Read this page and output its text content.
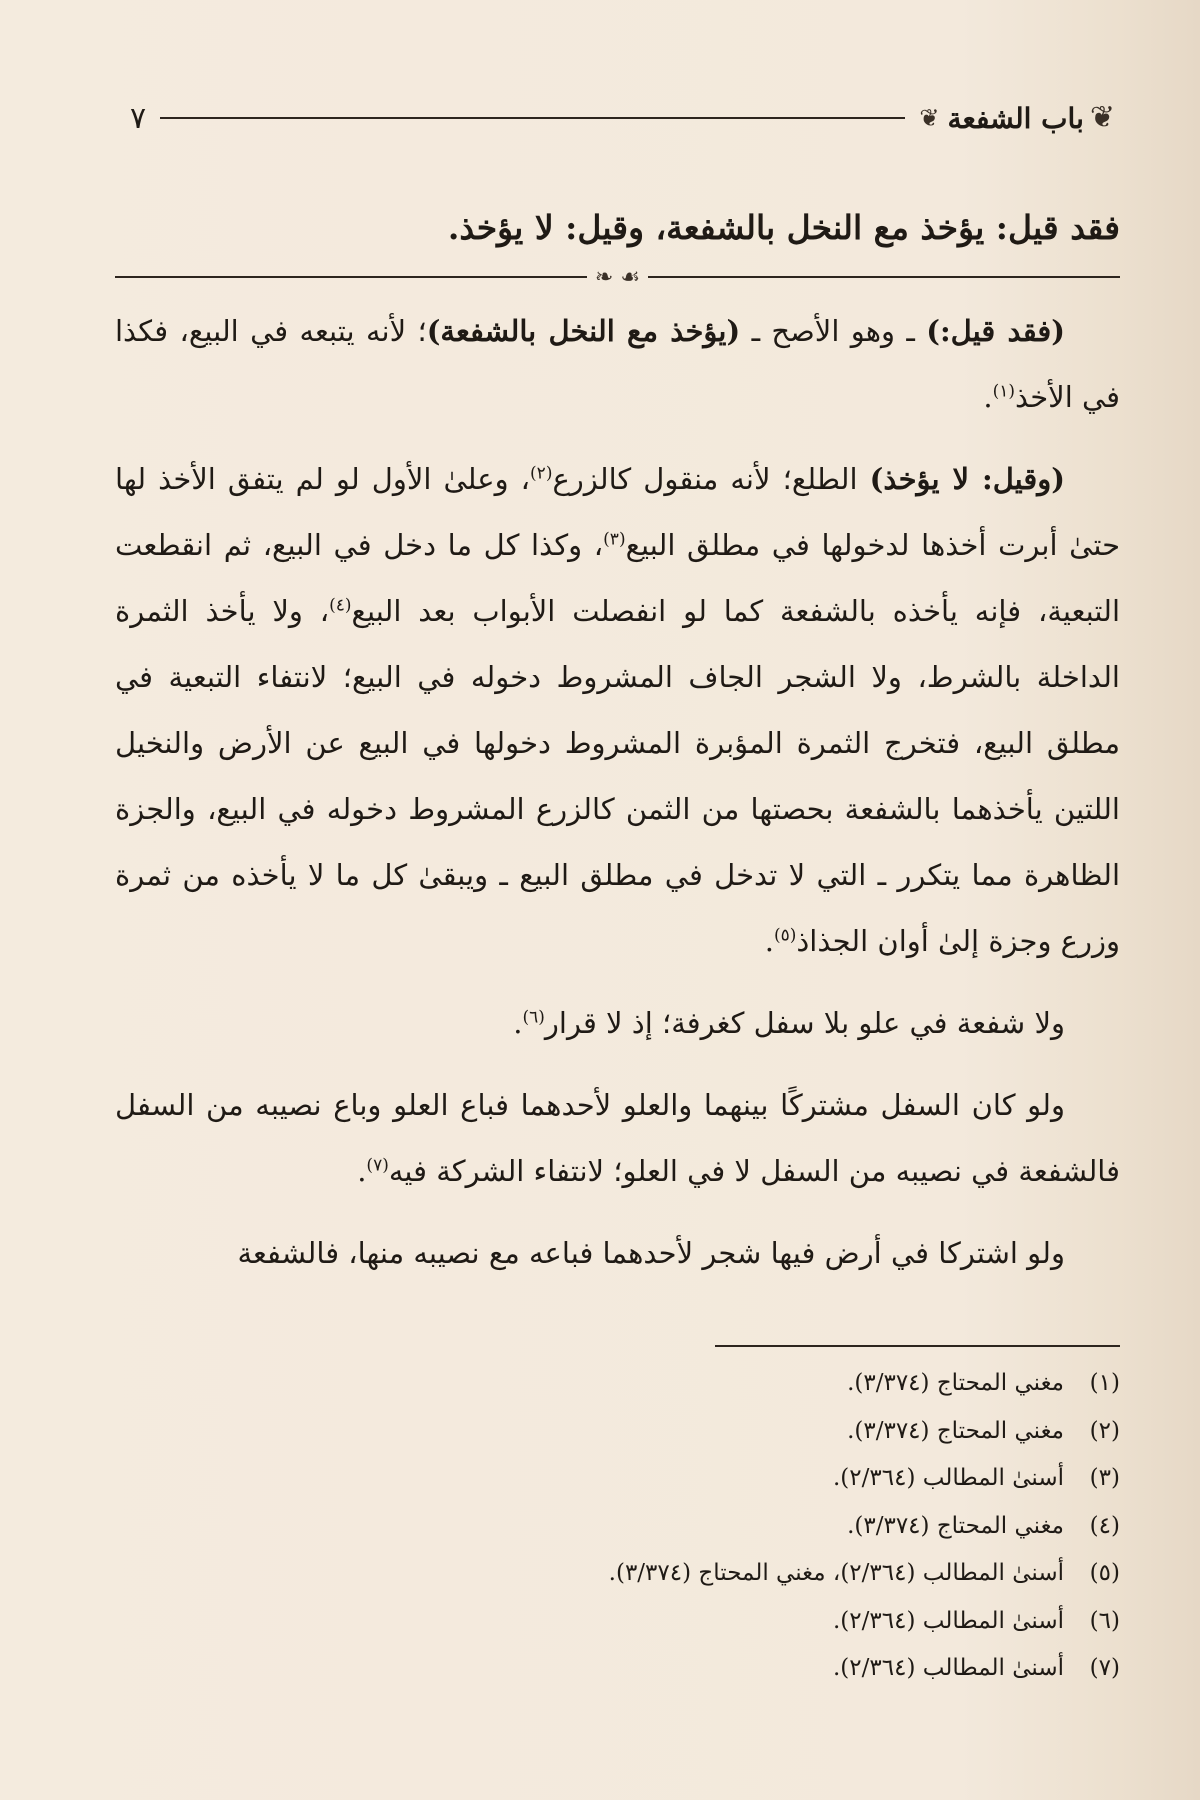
❦
باب الشفعة
❦
٧
فقد قيل: يؤخذ مع النخل بالشفعة، وقيل: لا يؤخذ.
❧ ☙

(فقد قيل:) ـ وهو الأصح ـ (يؤخذ مع النخل بالشفعة)؛ لأنه يتبعه في البيع، فكذا في الأخذ$^{(١)}$.

(وقيل: لا يؤخذ) الطلع؛ لأنه منقول كالزرع$^{(٢)}$، وعلىٰ الأول لو لم يتفق الأخذ لها حتىٰ أبرت أخذها لدخولها في مطلق البيع$^{(٣)}$، وكذا كل ما دخل في البيع، ثم انقطعت التبعية، فإنه يأخذه بالشفعة كما لو انفصلت الأبواب بعد البيع$^{(٤)}$، ولا يأخذ الثمرة الداخلة بالشرط، ولا الشجر الجاف المشروط دخوله في البيع؛ لانتفاء التبعية في مطلق البيع، فتخرج الثمرة المؤبرة المشروط دخولها في البيع عن الأرض والنخيل اللتين يأخذهما بالشفعة بحصتها من الثمن كالزرع المشروط دخوله في البيع، والجزة الظاهرة مما يتكرر ـ التي لا تدخل في مطلق البيع ـ ويبقىٰ كل ما لا يأخذه من ثمرة وزرع وجزة إلىٰ أوان الجذاذ$^{(٥)}$.

ولا شفعة في علو بلا سفل كغرفة؛ إذ لا قرار$^{(٦)}$.

ولو كان السفل مشتركًا بينهما والعلو لأحدهما فباع العلو وباع نصيبه من السفل فالشفعة في نصيبه من السفل لا في العلو؛ لانتفاء الشركة فيه$^{(٧)}$.

ولو اشتركا في أرض فيها شجر لأحدهما فباعه مع نصيبه منها، فالشفعة

(١)
مغني المحتاج (٣/٣٧٤).
(٢)
مغني المحتاج (٣/٣٧٤).
(٣)
أسنىٰ المطالب (٢/٣٦٤).
(٤)
مغني المحتاج (٣/٣٧٤).
(٥)
أسنىٰ المطالب (٢/٣٦٤)، مغني المحتاج (٣/٣٧٤).
(٦)
أسنىٰ المطالب (٢/٣٦٤).
(٧)
أسنىٰ المطالب (٢/٣٦٤).
